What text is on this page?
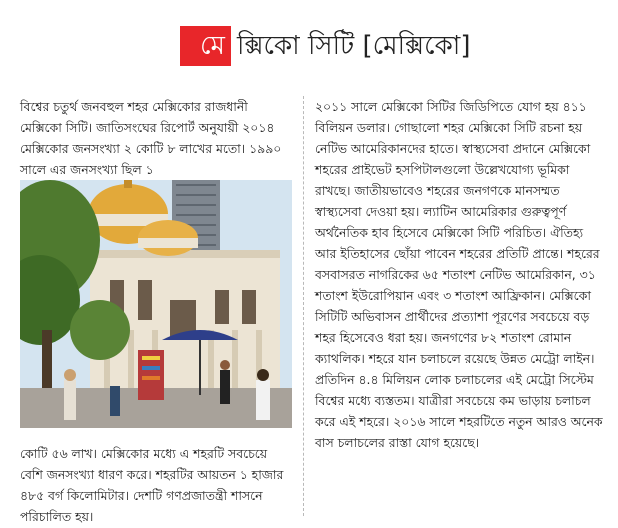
মে ক্সিকো সিটি [মেক্সিকো]
বিশ্বের চতুর্থ জনবহুল শহর মেক্সিকোর রাজধানী মেক্সিকো সিটি। জাতিসংঘের রিপোর্ট অনুযায়ী ২০১৪ মেক্সিকোর জনসংখ্যা ২ কোটি ৮ লাখের মতো। ১৯৯০ সালে এর জনসংখ্যা ছিল ১
কোটি ৫৬ লাখ। মেক্সিকোর মধ্যে এ শহরটি সবচেয়ে বেশি জনসংখ্যা ধারণ করে। শহরটির আয়তন ১ হাজার ৪৮৫ বর্গ কিলোমিটার। দেশটি গণপ্রজাতন্ত্রী শাসনে পরিচালিত হয়।
২০১১ সালে মেক্সিকো সিটির জিডিপিতে যোগ হয় ৪১১ বিলিয়ন ডলার। গোছালো শহর মেক্সিকো সিটি রচনা হয় নেটিভ আমেরিকানদের হাতে। স্বাস্থ্যসেবা প্রদানে মেক্সিকো শহরের প্রাইভেট হসপিটালগুলো উল্লেখযোগ্য ভূমিকা রাখছে। জাতীয়ভাবেও শহরের জনগণকে মানসম্মত স্বাস্থ্যসেবা দেওয়া হয়। ল্যাটিন আমেরিকার গুরুত্বপূর্ণ অর্থনৈতিক হাব হিসেবে মেক্সিকো সিটি পরিচিত। ঐতিহ্য আর ইতিহাসের ছোঁয়া পাবেন শহরের প্রতিটি প্রান্তে। শহরের বসবাসরত নাগরিকের ৬৫ শতাংশ নেটিভ আমেরিকান, ৩১ শতাংশ ইউরোপিয়ান এবং ৩ শতাংশ আফ্রিকান। মেক্সিকো সিটিটি অভিবাসন প্রার্থীদের প্রত্যাশা পূরণের সবচেয়ে বড় শহর হিসেবেও ধরা হয়। জনগণের ৮২ শতাংশ রোমান ক্যাথলিক। শহরে যান চলাচলে রয়েছে উন্নত মেট্রো লাইন। প্রতিদিন ৪.৪ মিলিয়ন লোক চলাচলের এই মেট্রো সিস্টেম বিশ্বের মধ্যে ব্যস্ততম। যাত্রীরা সবচেয়ে কম ভাড়ায় চলাচল করে এই শহরে। ২০১৬ সালে শহরটিতে নতুন আরও অনেক বাস চলাচলের রাস্তা যোগ হয়েছে।
